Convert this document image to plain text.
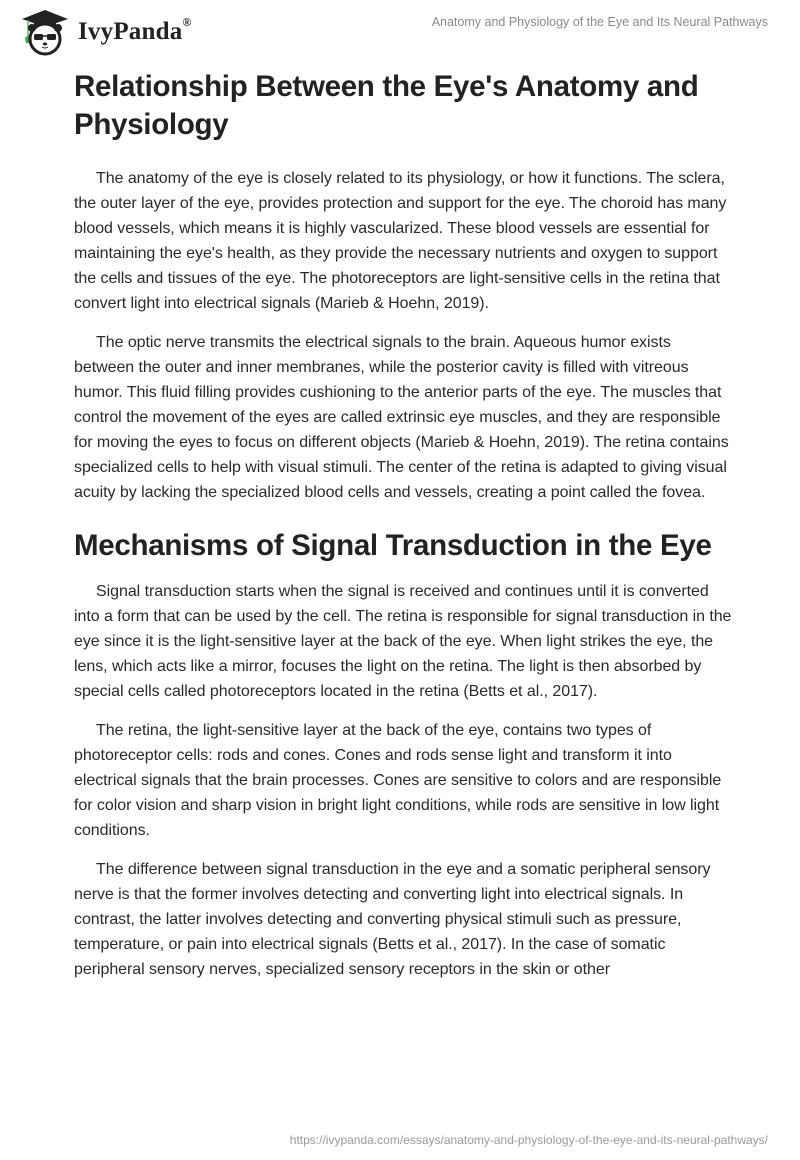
IvyPanda®	Anatomy and Physiology of the Eye and Its Neural Pathways
Relationship Between the Eye's Anatomy and Physiology

The anatomy of the eye is closely related to its physiology, or how it functions. The sclera, the outer layer of the eye, provides protection and support for the eye. The choroid has many blood vessels, which means it is highly vascularized. These blood vessels are essential for maintaining the eye's health, as they provide the necessary nutrients and oxygen to support the cells and tissues of the eye. The photoreceptors are light-sensitive cells in the retina that convert light into electrical signals (Marieb & Hoehn, 2019).

The optic nerve transmits the electrical signals to the brain. Aqueous humor exists between the outer and inner membranes, while the posterior cavity is filled with vitreous humor. This fluid filling provides cushioning to the anterior parts of the eye. The muscles that control the movement of the eyes are called extrinsic eye muscles, and they are responsible for moving the eyes to focus on different objects (Marieb & Hoehn, 2019). The retina contains specialized cells to help with visual stimuli. The center of the retina is adapted to giving visual acuity by lacking the specialized blood cells and vessels, creating a point called the fovea.

Mechanisms of Signal Transduction in the Eye

Signal transduction starts when the signal is received and continues until it is converted into a form that can be used by the cell. The retina is responsible for signal transduction in the eye since it is the light-sensitive layer at the back of the eye. When light strikes the eye, the lens, which acts like a mirror, focuses the light on the retina. The light is then absorbed by special cells called photoreceptors located in the retina (Betts et al., 2017).

The retina, the light-sensitive layer at the back of the eye, contains two types of photoreceptor cells: rods and cones. Cones and rods sense light and transform it into electrical signals that the brain processes. Cones are sensitive to colors and are responsible for color vision and sharp vision in bright light conditions, while rods are sensitive in low light conditions.

The difference between signal transduction in the eye and a somatic peripheral sensory nerve is that the former involves detecting and converting light into electrical signals. In contrast, the latter involves detecting and converting physical stimuli such as pressure, temperature, or pain into electrical signals (Betts et al., 2017). In the case of somatic peripheral sensory nerves, specialized sensory receptors in the skin or other

https://ivypanda.com/essays/anatomy-and-physiology-of-the-eye-and-its-neural-pathways/
